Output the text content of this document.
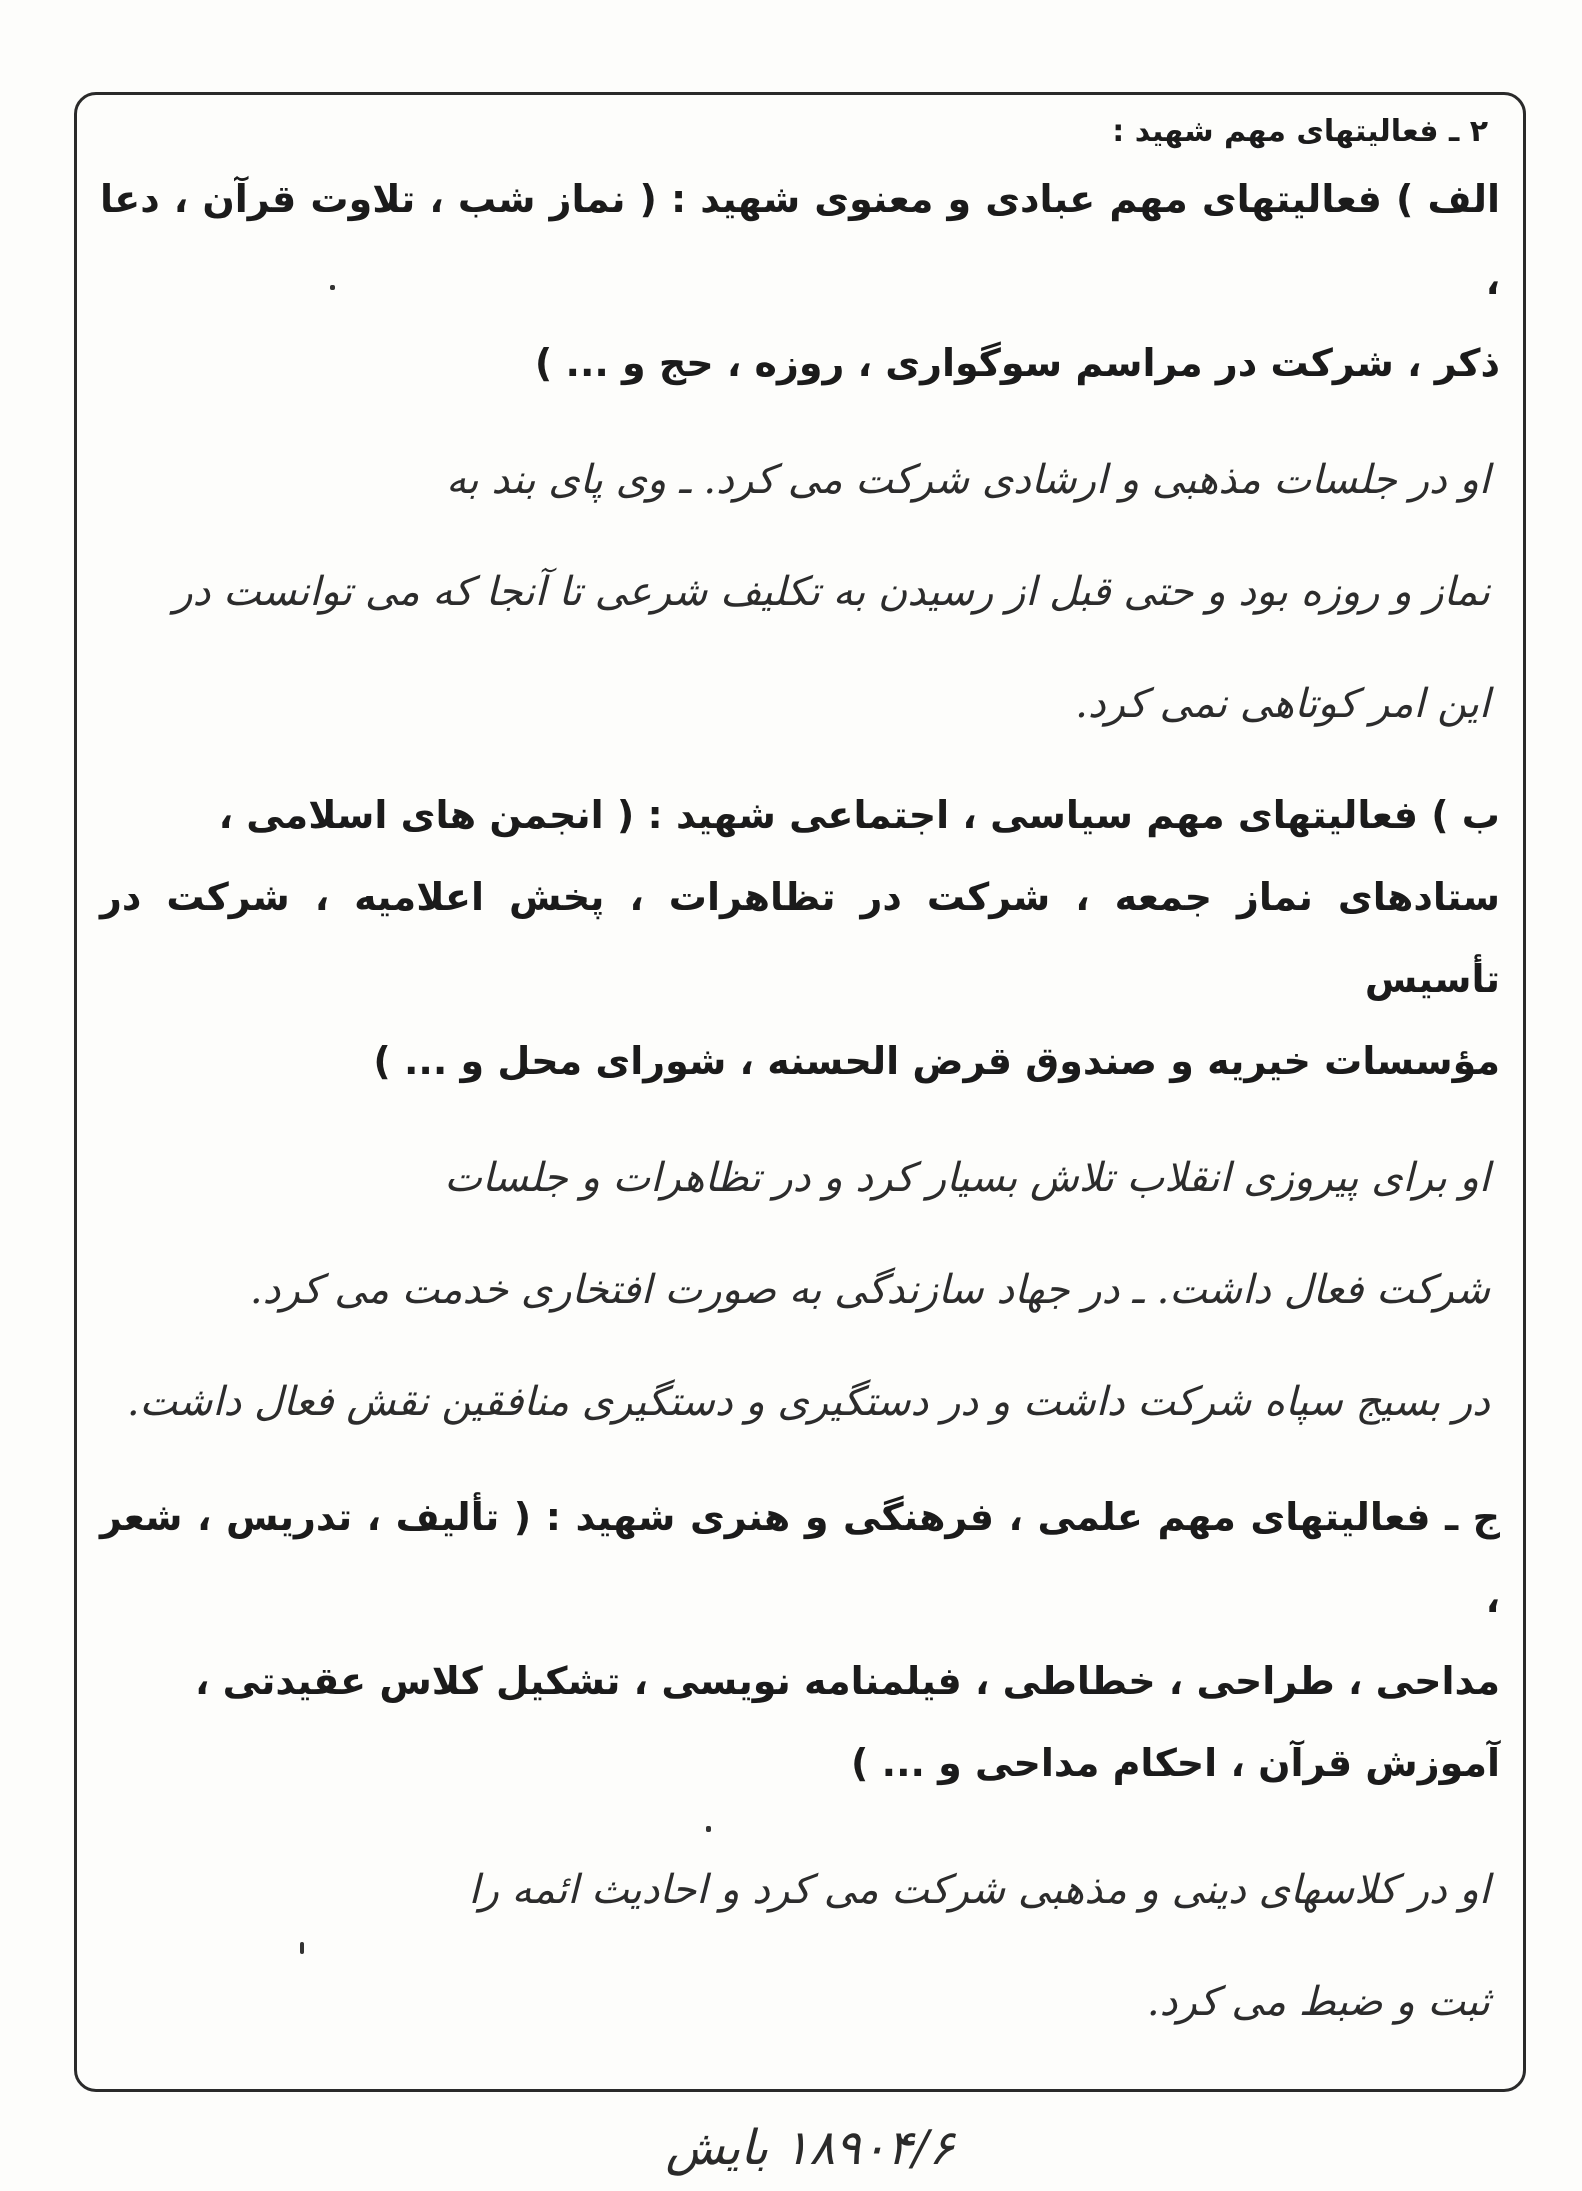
۲ ـ فعالیتهای مهم شهید :
الف ) فعالیتهای مهم عبادی و معنوی شهید : ( نماز شب ، تلاوت قرآن ، دعا ،
ذکر ، شرکت در مراسم سوگواری ، روزه ، حج و ... )
او در جلسات مذهبی و ارشادی شرکت می کرد. ـ وی پای بند به
نماز و روزه بود و حتی قبل از رسیدن به تکلیف شرعی تا آنجا که می توانست در
این امر کوتاهی نمی کرد.
ب ) فعالیتهای مهم سیاسی ، اجتماعی شهید : ( انجمن های اسلامی ،
ستادهای نماز جمعه ، شرکت در تظاهرات ، پخش اعلامیه ، شرکت در تأسیس
مؤسسات خیریه و صندوق قرض الحسنه ، شورای محل و ... )
او برای پیروزی انقلاب تلاش بسیار کرد و در تظاهرات و جلسات
شرکت فعال داشت. ـ در جهاد سازندگی به صورت افتخاری خدمت می کرد.
در بسیج سپاه شرکت داشت و در دستگیری و دستگیری منافقین نقش فعال داشت.
ج ـ فعالیتهای مهم علمی ، فرهنگی و هنری شهید : ( تألیف ، تدریس ، شعر ،
مداحی ، طراحی ، خطاطی ، فیلمنامه نویسی ، تشکیل کلاس عقیدتی ،
آموزش قرآن ، احکام مداحی و ... )
او در کلاسهای دینی و مذهبی شرکت می کرد و احادیث ائمه را
ثبت و ضبط می کرد.
۱۸۹۰۴/۶ بایش
